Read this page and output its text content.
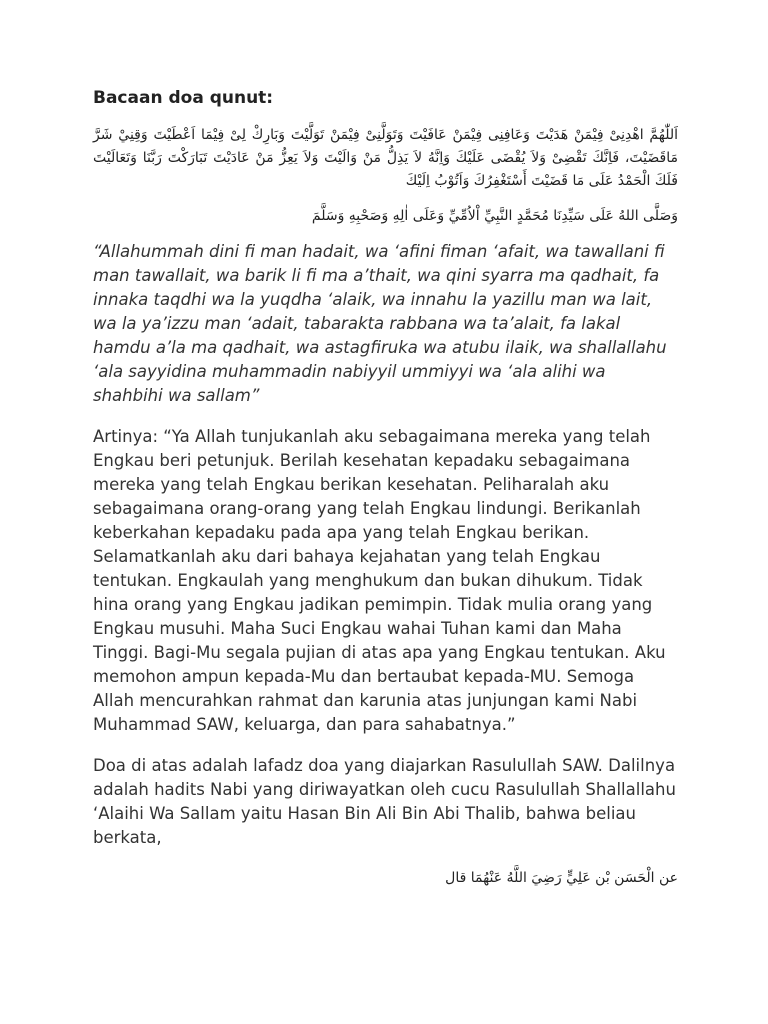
Bacaan doa qunut:

اَللّٰهُمَّ اهْدِنِىْ فِيْمَنْ هَدَيْتَ وَعَافِنِى فِيْمَنْ عَافَيْتَ وَتَوَلَّنِىْ فِيْمَنْ تَوَلَّيْتَ وَبَارِكْ لِىْ فِيْمَا اَعْطَيْتَ وَقِنِيْ شَرَّ مَاقَضَيْتَ، فَاِنَّكَ تَقْضِىْ وَلاَ يُقْضَى عَلَيْكَ وَاِنَّهُ لاَ يَذِلُّ مَنْ وَالَيْتَ وَلاَ يَعِزُّ مَنْ عَادَيْتَ تَبَارَكْتَ رَبَّنَا وَتَعَالَيْتَ فَلَكَ الْحَمْدُ عَلَى مَا قَضَيْتَ أَسْتَغْفِرُكَ وَاَتُوْبُ اِلَيْكَ

وَصَلَّى اللهُ عَلَى سَيِّدِنَا مُحَمَّدٍ النَّبِيِّ اْلاُمِّيِّ وَعَلَى اٰلِهِ وَصَحْبِهِ وَسَلَّمَ

“Allahummah dini fi man hadait, wa ‘afini fiman ‘afait, wa tawallani fi man tawallait, wa barik li fi ma a’thait, wa qini syarra ma qadhait, fa innaka taqdhi wa la yuqdha ‘alaik, wa innahu la yazillu man wa lait, wa la ya’izzu man ‘adait, tabarakta rabbana wa ta’alait, fa lakal hamdu a’la ma qadhait, wa astagfiruka wa atubu ilaik, wa shallallahu ‘ala sayyidina muhammadin nabiyyil ummiyyi wa ‘ala alihi wa shahbihi wa sallam”

Artinya: “Ya Allah tunjukanlah aku sebagaimana mereka yang telah Engkau beri petunjuk. Berilah kesehatan kepadaku sebagaimana mereka yang telah Engkau berikan kesehatan. Peliharalah aku sebagaimana orang-orang yang telah Engkau lindungi. Berikanlah keberkahan kepadaku pada apa yang telah Engkau berikan. Selamatkanlah aku dari bahaya kejahatan yang telah Engkau tentukan. Engkaulah yang menghukum dan bukan dihukum. Tidak hina orang yang Engkau jadikan pemimpin. Tidak mulia orang yang Engkau musuhi. Maha Suci Engkau wahai Tuhan kami dan Maha Tinggi. Bagi-Mu segala pujian di atas apa yang Engkau tentukan. Aku memohon ampun kepada-Mu dan bertaubat kepada-MU. Semoga Allah mencurahkan rahmat dan karunia atas junjungan kami Nabi Muhammad SAW, keluarga, dan para sahabatnya.”

Doa di atas adalah lafadz doa yang diajarkan Rasulullah SAW. Dalilnya adalah hadits Nabi yang diriwayatkan oleh cucu Rasulullah Shallallahu ‘Alaihi Wa Sallam yaitu Hasan Bin Ali Bin Abi Thalib, bahwa beliau berkata,

عن الْحَسَن بْن عَلِيٍّ رَضِيَ اللَّهُ عَنْهُمَا قال
